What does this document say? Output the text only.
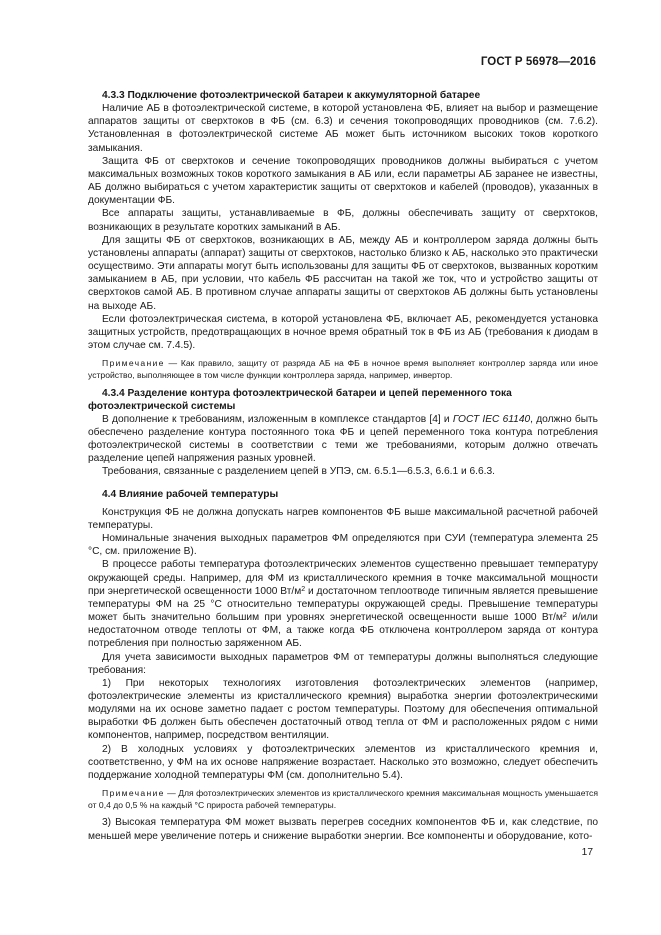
ГОСТ Р 56978—2016
4.3.3 Подключение фотоэлектрической батареи к аккумуляторной батарее

Наличие АБ в фотоэлектрической системе, в которой установлена ФБ, влияет на выбор и размещение аппаратов защиты от сверхтоков в ФБ (см. 6.3) и сечения токопроводящих проводников (см. 7.6.2). Установленная в фотоэлектрической системе АБ может быть источником высоких токов короткого замыкания.

Защита ФБ от сверхтоков и сечение токопроводящих проводников должны выбираться с учетом максимальных возможных токов короткого замыкания в АБ или, если параметры АБ заранее не известны, АБ должно выбираться с учетом характеристик защиты от сверхтоков и кабелей (проводов), указанных в документации ФБ.

Все аппараты защиты, устанавливаемые в ФБ, должны обеспечивать защиту от сверхтоков, возникающих в результате коротких замыканий в АБ.

Для защиты ФБ от сверхтоков, возникающих в АБ, между АБ и контроллером заряда должны быть установлены аппараты (аппарат) защиты от сверхтоков, настолько близко к АБ, насколько это практически осуществимо. Эти аппараты могут быть использованы для защиты ФБ от сверхтоков, вызванных коротким замыканием в АБ, при условии, что кабель ФБ рассчитан на такой же ток, что и устройство защиты от сверхтоков самой АБ. В противном случае аппараты защиты от сверхтоков АБ должны быть установлены на выходе АБ.

Если фотоэлектрическая система, в которой установлена ФБ, включает АБ, рекомендуется установка защитных устройств, предотвращающих в ночное время обратный ток в ФБ из АБ (требования к диодам в этом случае см. 7.4.5).

Примечание — Как правило, защиту от разряда АБ на ФБ в ночное время выполняет контроллер заряда или иное устройство, выполняющее в том числе функции контроллера заряда, например, инвертор.

4.3.4 Разделение контура фотоэлектрической батареи и цепей переменного тока фотоэлектрической системы

В дополнение к требованиям, изложенным в комплексе стандартов [4] и ГОСТ IEC 61140, должно быть обеспечено разделение контура постоянного тока ФБ и цепей переменного тока контура потребления фотоэлектрической системы в соответствии с теми же требованиями, которым должно отвечать разделение цепей напряжения разных уровней.

Требования, связанные с разделением цепей в УПЭ, см. 6.5.1—6.5.3, 6.6.1 и 6.6.3.

4.4 Влияние рабочей температуры

Конструкция ФБ не должна допускать нагрев компонентов ФБ выше максимальной расчетной рабочей температуры.

Номинальные значения выходных параметров ФМ определяются при СУИ (температура элемента 25 °С, см. приложение В).

В процессе работы температура фотоэлектрических элементов существенно превышает температуру окружающей среды. Например, для ФМ из кристаллического кремния в точке максимальной мощности при энергетической освещенности 1000 $Вт/м^2$ и достаточном теплоотводе типичным является превышение температуры ФМ на 25 °С относительно температуры окружающей среды. Превышение температуры может быть значительно большим при уровнях энергетической освещенности выше 1000 $Вт/м^2$ и/или недостаточном отводе теплоты от ФМ, а также когда ФБ отключена контроллером заряда от контура потребления при полностью заряженном АБ.

Для учета зависимости выходных параметров ФМ от температуры должны выполняться следующие требования:

1) При некоторых технологиях изготовления фотоэлектрических элементов (например, фотоэлектрические элементы из кристаллического кремния) выработка энергии фотоэлектрическими модулями на их основе заметно падает с ростом температуры. Поэтому для обеспечения оптимальной выработки ФБ должен быть обеспечен достаточный отвод тепла от ФМ и расположенных рядом с ними компонентов, например, посредством вентиляции.

2) В холодных условиях у фотоэлектрических элементов из кристаллического кремния и, соответственно, у ФМ на их основе напряжение возрастает. Насколько это возможно, следует обеспечить поддержание холодной температуры ФМ (см. дополнительно 5.4).

Примечание — Для фотоэлектрических элементов из кристаллического кремния максимальная мощность уменьшается от 0,4 до 0,5 % на каждый °С прироста рабочей температуры.

3) Высокая температура ФМ может вызвать перегрев соседних компонентов ФБ и, как следствие, по меньшей мере увеличение потерь и снижение выработки энергии. Все компоненты и оборудование, кото-

17
